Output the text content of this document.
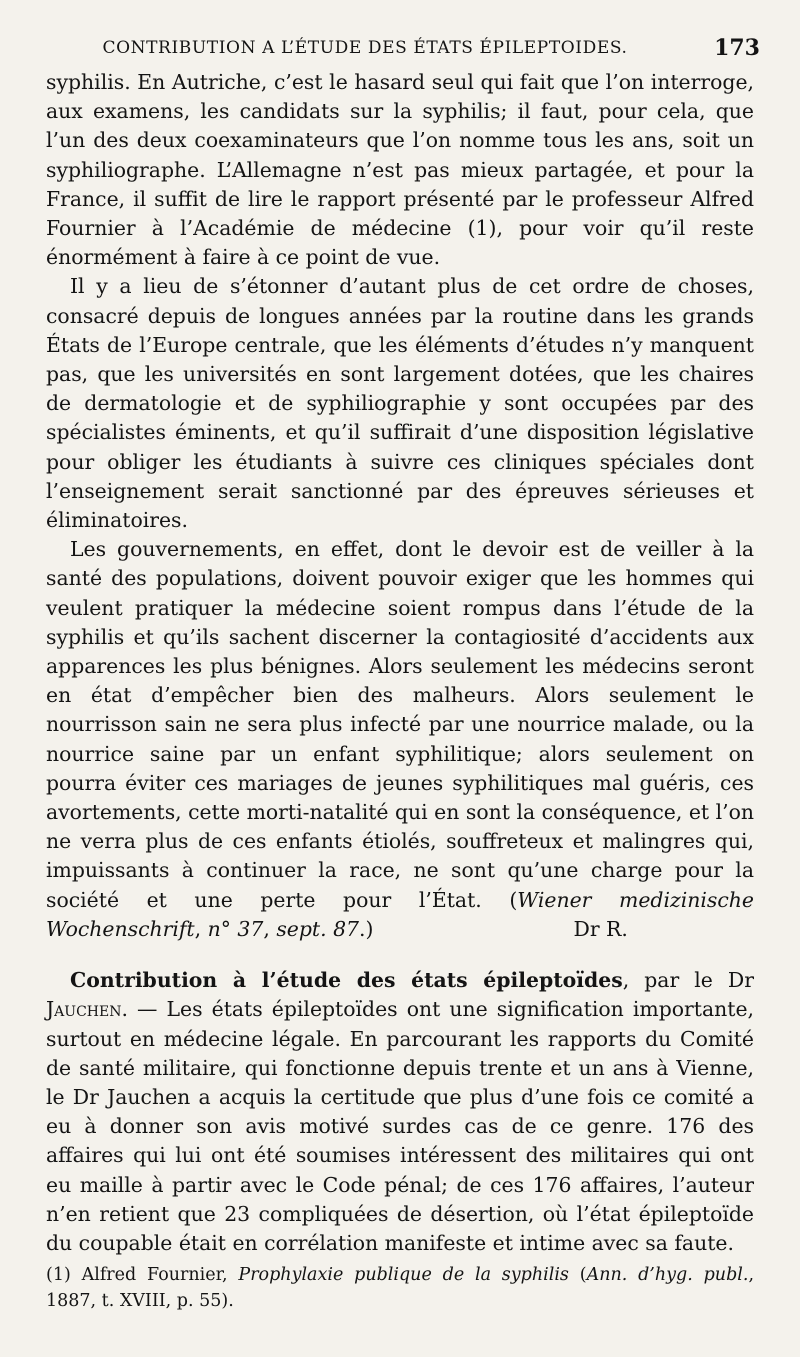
CONTRIBUTION A L’ÉTUDE DES ÉTATS ÉPILEPTOIDES.	173

syphilis. En Autriche, c’est le hasard seul qui fait que l’on interroge, aux examens, les candidats sur la syphilis; il faut, pour cela, que l’un des deux coexaminateurs que l’on nomme tous les ans, soit un syphiliographe. L’Allemagne n’est pas mieux partagée, et pour la France, il suffit de lire le rapport présenté par le professeur Alfred Fournier à l’Académie de médecine (1), pour voir qu’il reste énormément à faire à ce point de vue.

Il y a lieu de s’étonner d’autant plus de cet ordre de choses, consacré depuis de longues années par la routine dans les grands États de l’Europe centrale, que les éléments d’études n’y manquent pas, que les universités en sont largement dotées, que les chaires de dermatologie et de syphiliographie y sont occupées par des spécialistes éminents, et qu’il suffirait d’une disposition législative pour obliger les étudiants à suivre ces cliniques spéciales dont l’enseignement serait sanctionné par des épreuves sérieuses et éliminatoires.

Les gouvernements, en effet, dont le devoir est de veiller à la santé des populations, doivent pouvoir exiger que les hommes qui veulent pratiquer la médecine soient rompus dans l’étude de la syphilis et qu’ils sachent discerner la contagiosité d’accidents aux apparences les plus bénignes. Alors seulement les médecins seront en état d’empêcher bien des malheurs. Alors seulement le nourrisson sain ne sera plus infecté par une nourrice malade, ou la nourrice saine par un enfant syphilitique; alors seulement on pourra éviter ces mariages de jeunes syphilitiques mal guéris, ces avortements, cette morti-natalité qui en sont la conséquence, et l’on ne verra plus de ces enfants étiolés, souffreteux et malingres qui, impuissants à continuer la race, ne sont qu’une charge pour la société et une perte pour l’État. (Wiener medizinische Wochenschrift, n° 37, sept. 87.)	Dr R.

Contribution à l’étude des états épileptoïdes, par le Dr Jauchen. — Les états épileptoïdes ont une signification importante, surtout en médecine légale. En parcourant les rapports du Comité de santé militaire, qui fonctionne depuis trente et un ans à Vienne, le Dr Jauchen a acquis la certitude que plus d’une fois ce comité a eu à donner son avis motivé surdes cas de ce genre. 176 des affaires qui lui ont été soumises intéressent des militaires qui ont eu maille à partir avec le Code pénal; de ces 176 affaires, l’auteur n’en retient que 23 compliquées de désertion, où l’état épileptoïde du coupable était en corrélation manifeste et intime avec sa faute.

(1) Alfred Fournier, Prophylaxie publique de la syphilis (Ann. d’hyg. publ., 1887, t. XVIII, p. 55).
